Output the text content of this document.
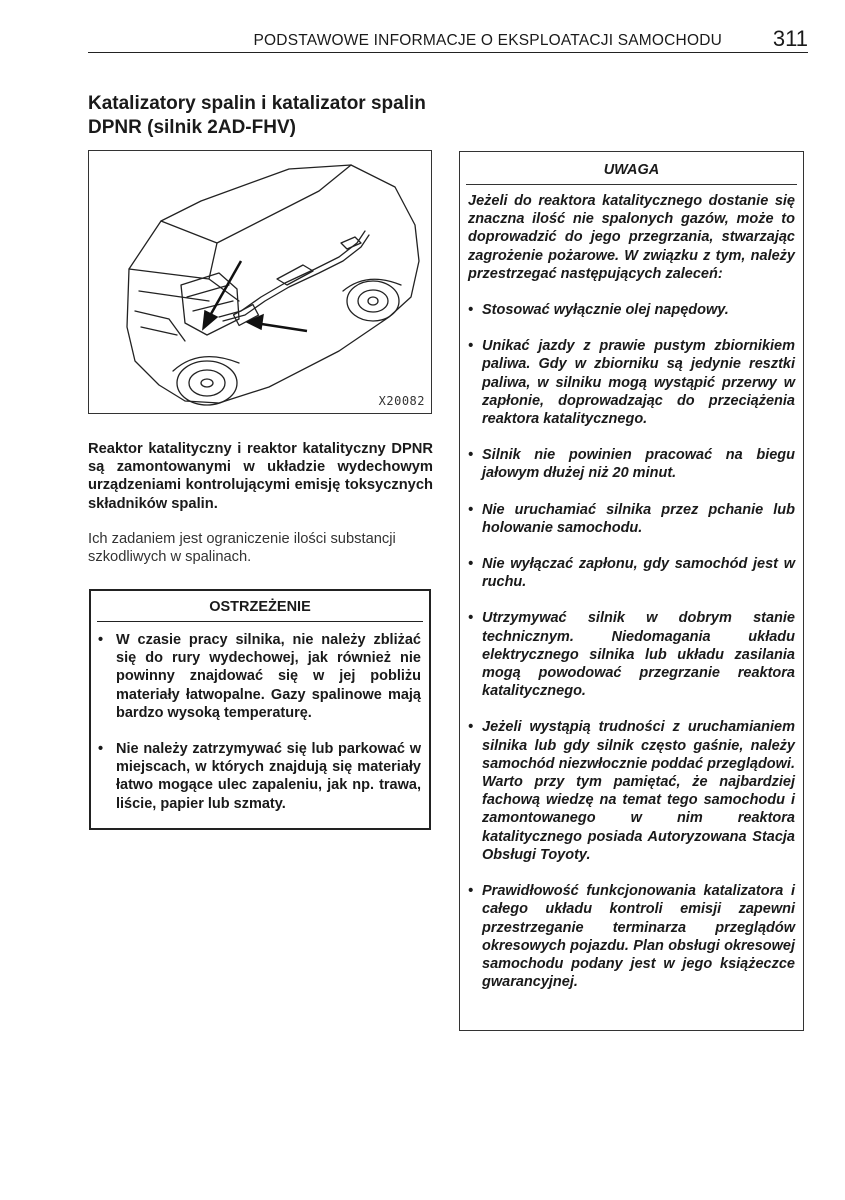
PODSTAWOWE INFORMACJE O EKSPLOATACJI SAMOCHODU 311
Katalizatory spalin i katalizator spalin DPNR (silnik 2AD-FHV)
X20082

Reaktor katalityczny i reaktor katalityczny DPNR są zamontowanymi w układzie wydechowym urządzeniami kontrolującymi emisję toksycznych składników spalin.

Ich zadaniem jest ograniczenie ilości substancji szkodliwych w spalinach.

OSTRZEŻENIE
• W czasie pracy silnika, nie należy zbliżać się do rury wydechowej, jak również nie powinny znajdować się w jej pobliżu materiały łatwopalne. Gazy spalinowe mają bardzo wysoką temperaturę.
• Nie należy zatrzymywać się lub parkować w miejscach, w których znajdują się materiały łatwo mogące ulec zapaleniu, jak np. trawa, liście, papier lub szmaty.
UWAGA
Jeżeli do reaktora katalitycznego dostanie się znaczna ilość nie spalonych gazów, może to doprowadzić do jego przegrzania, stwarzając zagrożenie pożarowe. W związku z tym, należy przestrzegać następujących zaleceń:
• Stosować wyłącznie olej napędowy.
• Unikać jazdy z prawie pustym zbiornikiem paliwa. Gdy w zbiorniku są jedynie resztki paliwa, w silniku mogą wystąpić przerwy w zapłonie, doprowadzając do przeciążenia reaktora katalitycznego.
• Silnik nie powinien pracować na biegu jałowym dłużej niż 20 minut.
• Nie uruchamiać silnika przez pchanie lub holowanie samochodu.
• Nie wyłączać zapłonu, gdy samochód jest w ruchu.
• Utrzymywać silnik w dobrym stanie technicznym. Niedomagania układu elektrycznego silnika lub układu zasilania mogą powodować przegrzanie reaktora katalitycznego.
• Jeżeli wystąpią trudności z uruchamianiem silnika lub gdy silnik często gaśnie, należy samochód niezwłocznie poddać przeglądowi. Warto przy tym pamiętać, że najbardziej fachową wiedzę na temat tego samochodu i zamontowanego w nim reaktora katalitycznego posiada Autoryzowana Stacja Obsługi Toyoty.
• Prawidłowość funkcjonowania katalizatora i całego układu kontroli emisji zapewni przestrzeganie terminarza przeglądów okresowych pojazdu. Plan obsługi okresowej samochodu podany jest w jego książeczce gwarancyjnej.
